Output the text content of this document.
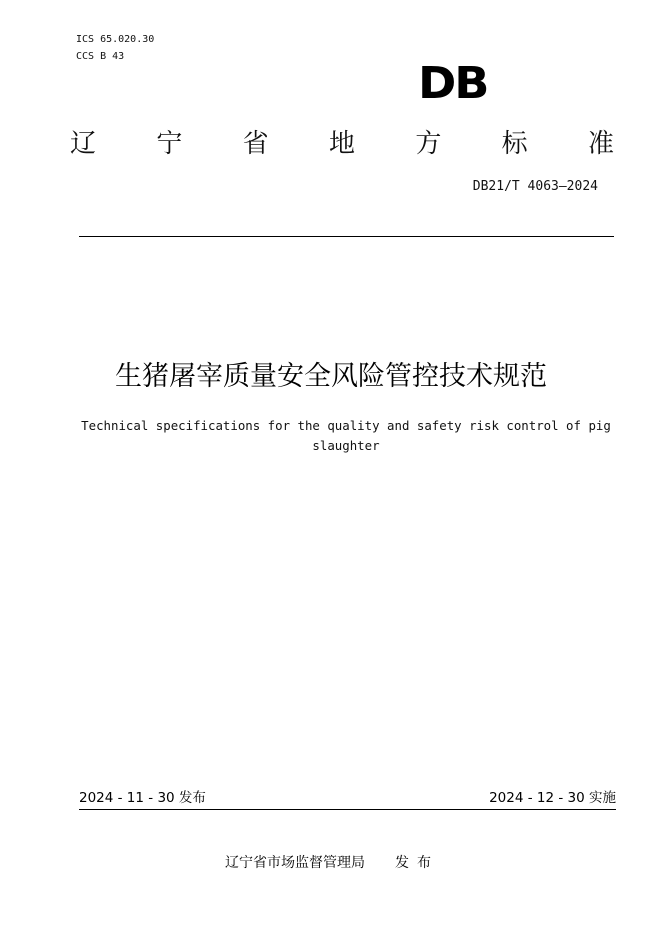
ICS 65.020.30
CCS B 43
DB
辽 宁 省 地 方 标 准
DB21/T 4063—2024
生猪屠宰质量安全风险管控技术规范
Technical specifications for the quality and safety risk control of pig slaughter
2024 - 11 - 30 发布	2024 - 12 - 30 实施
辽宁省市场监督管理局 发布
